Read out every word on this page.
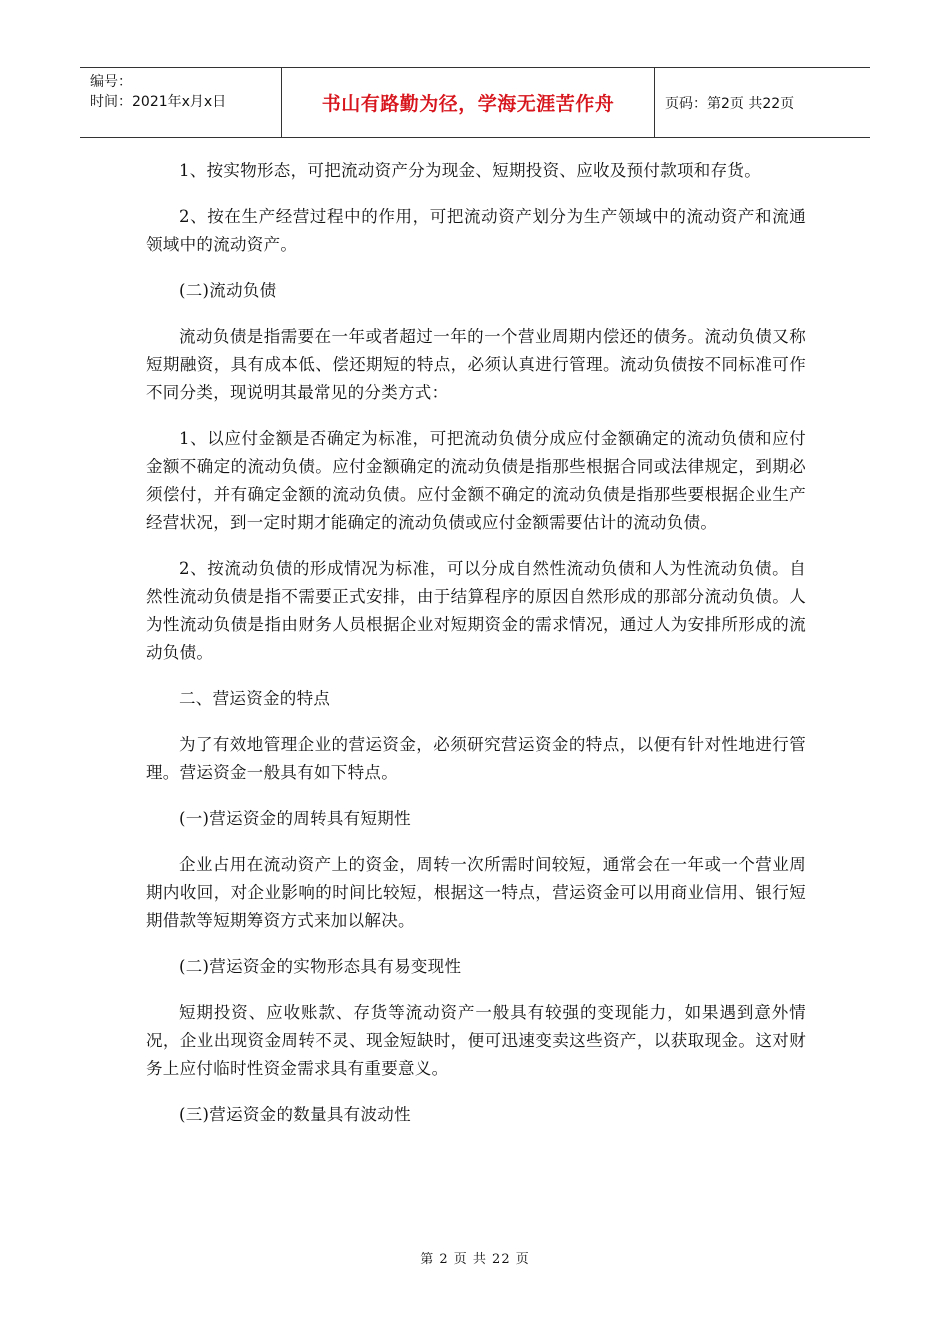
编号：
时间：2021年x月x日	书山有路勤为径，学海无涯苦作舟	页码：第2页 共22页

1、按实物形态，可把流动资产分为现金、短期投资、应收及预付款项和存货。

2、按在生产经营过程中的作用，可把流动资产划分为生产领域中的流动资产和流通领域中的流动资产。

(二)流动负债

流动负债是指需要在一年或者超过一年的一个营业周期内偿还的债务。流动负债又称短期融资，具有成本低、偿还期短的特点，必须认真进行管理。流动负债按不同标准可作不同分类，现说明其最常见的分类方式：

1、以应付金额是否确定为标准，可把流动负债分成应付金额确定的流动负债和应付金额不确定的流动负债。应付金额确定的流动负债是指那些根据合同或法律规定，到期必须偿付，并有确定金额的流动负债。应付金额不确定的流动负债是指那些要根据企业生产经营状况，到一定时期才能确定的流动负债或应付金额需要估计的流动负债。

2、按流动负债的形成情况为标准，可以分成自然性流动负债和人为性流动负债。自然性流动负债是指不需要正式安排，由于结算程序的原因自然形成的那部分流动负债。人为性流动负债是指由财务人员根据企业对短期资金的需求情况，通过人为安排所形成的流动负债。

二、营运资金的特点

为了有效地管理企业的营运资金，必须研究营运资金的特点，以便有针对性地进行管理。营运资金一般具有如下特点。

(一)营运资金的周转具有短期性

企业占用在流动资产上的资金，周转一次所需时间较短，通常会在一年或一个营业周期内收回，对企业影响的时间比较短，根据这一特点，营运资金可以用商业信用、银行短期借款等短期筹资方式来加以解决。

(二)营运资金的实物形态具有易变现性

短期投资、应收账款、存货等流动资产一般具有较强的变现能力，如果遇到意外情况，企业出现资金周转不灵、现金短缺时，便可迅速变卖这些资产，以获取现金。这对财务上应付临时性资金需求具有重要意义。

(三)营运资金的数量具有波动性

第 2 页 共 22 页
